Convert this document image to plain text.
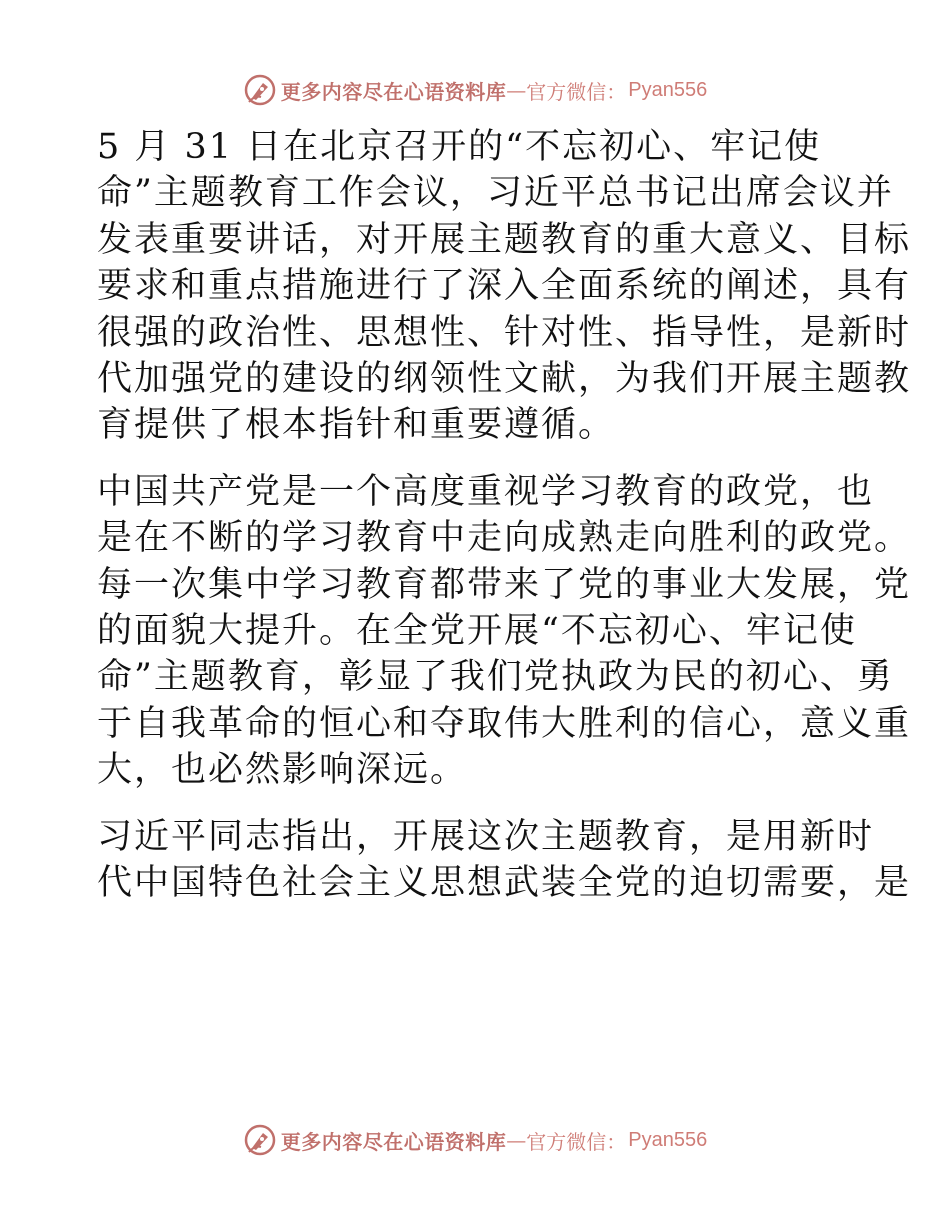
更多内容尽在心语资料库 — 官方微信： Pyan556

5 月 31 日在北京召开的“不忘初心、牢记使
命”主题教育工作会议，习近平总书记出席会议并
发表重要讲话，对开展主题教育的重大意义、目标
要求和重点措施进行了深入全面系统的阐述，具有
很强的政治性、思想性、针对性、指导性，是新时
代加强党的建设的纲领性文献，为我们开展主题教
育提供了根本指针和重要遵循。

中国共产党是一个高度重视学习教育的政党，也
是在不断的学习教育中走向成熟走向胜利的政党。
每一次集中学习教育都带来了党的事业大发展，党
的面貌大提升。在全党开展“不忘初心、牢记使
命”主题教育，彰显了我们党执政为民的初心、勇
于自我革命的恒心和夺取伟大胜利的信心，意义重
大，也必然影响深远。

习近平同志指出，开展这次主题教育，是用新时
代中国特色社会主义思想武装全党的迫切需要，是

更多内容尽在心语资料库 — 官方微信： Pyan556
